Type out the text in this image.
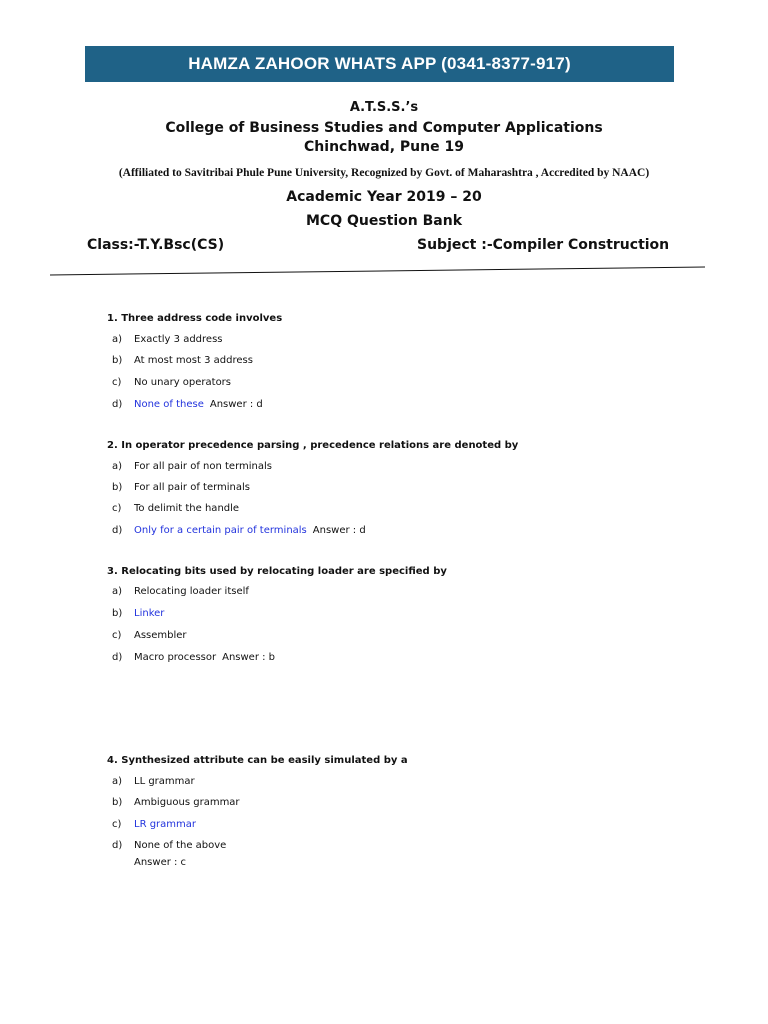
HAMZA ZAHOOR WHATS APP (0341-8377-917)
A.T.S.S.’s
College of Business Studies and Computer Applications
Chinchwad, Pune 19
(Affiliated to Savitribai Phule Pune University, Recognized by Govt. of Maharashtra , Accredited by NAAC)
Academic Year 2019 – 20
MCQ Question Bank
Class:-T.Y.Bsc(CS)	Subject :-Compiler Construction
1. Three address code involves
a) Exactly 3 address
b) At most most 3 address
c) No unary operators
d) None of these Answer : d
2. In operator precedence parsing , precedence relations are denoted by
a) For all pair of non terminals
b) For all pair of terminals
c) To delimit the handle
d) Only for a certain pair of terminals Answer : d
3. Relocating bits used by relocating loader are specified by
a) Relocating loader itself
b) Linker
c) Assembler
d) Macro processor Answer : b
4. Synthesized attribute can be easily simulated by a
a) LL grammar
b) Ambiguous grammar
c) LR grammar
d) None of the above
Answer : c
